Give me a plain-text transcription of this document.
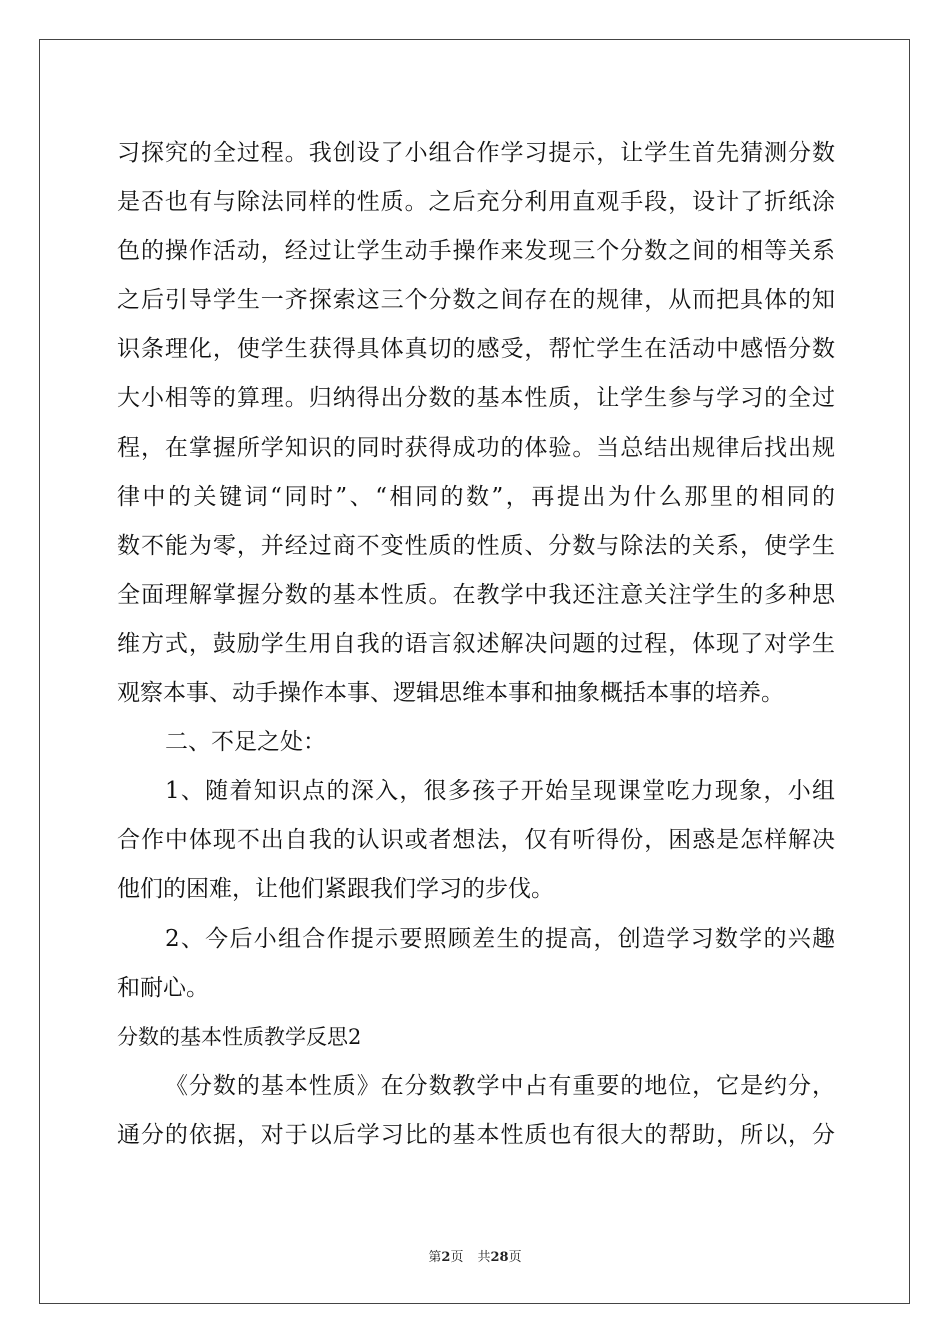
习探究的全过程。我创设了小组合作学习提示，让学生首先猜测分数
是否也有与除法同样的性质。之后充分利用直观手段，设计了折纸涂
色的操作活动，经过让学生动手操作来发现三个分数之间的相等关系
之后引导学生一齐探索这三个分数之间存在的规律，从而把具体的知
识条理化，使学生获得具体真切的感受，帮忙学生在活动中感悟分数
大小相等的算理。归纳得出分数的基本性质，让学生参与学习的全过
程，在掌握所学知识的同时获得成功的体验。当总结出规律后找出规
律中的关键词“同时”、“相同的数”，再提出为什么那里的相同的
数不能为零，并经过商不变性质的性质、分数与除法的关系，使学生
全面理解掌握分数的基本性质。在教学中我还注意关注学生的多种思
维方式，鼓励学生用自我的语言叙述解决问题的过程，体现了对学生
观察本事、动手操作本事、逻辑思维本事和抽象概括本事的培养。
二、不足之处：
1、随着知识点的深入，很多孩子开始呈现课堂吃力现象，小组
合作中体现不出自我的认识或者想法，仅有听得份，困惑是怎样解决
他们的困难，让他们紧跟我们学习的步伐。
2、今后小组合作提示要照顾差生的提高，创造学习数学的兴趣
和耐心。
分数的基本性质教学反思2
《分数的基本性质》在分数教学中占有重要的地位，它是约分，
通分的依据，对于以后学习比的基本性质也有很大的帮助，所以，分
第2页 共28页
